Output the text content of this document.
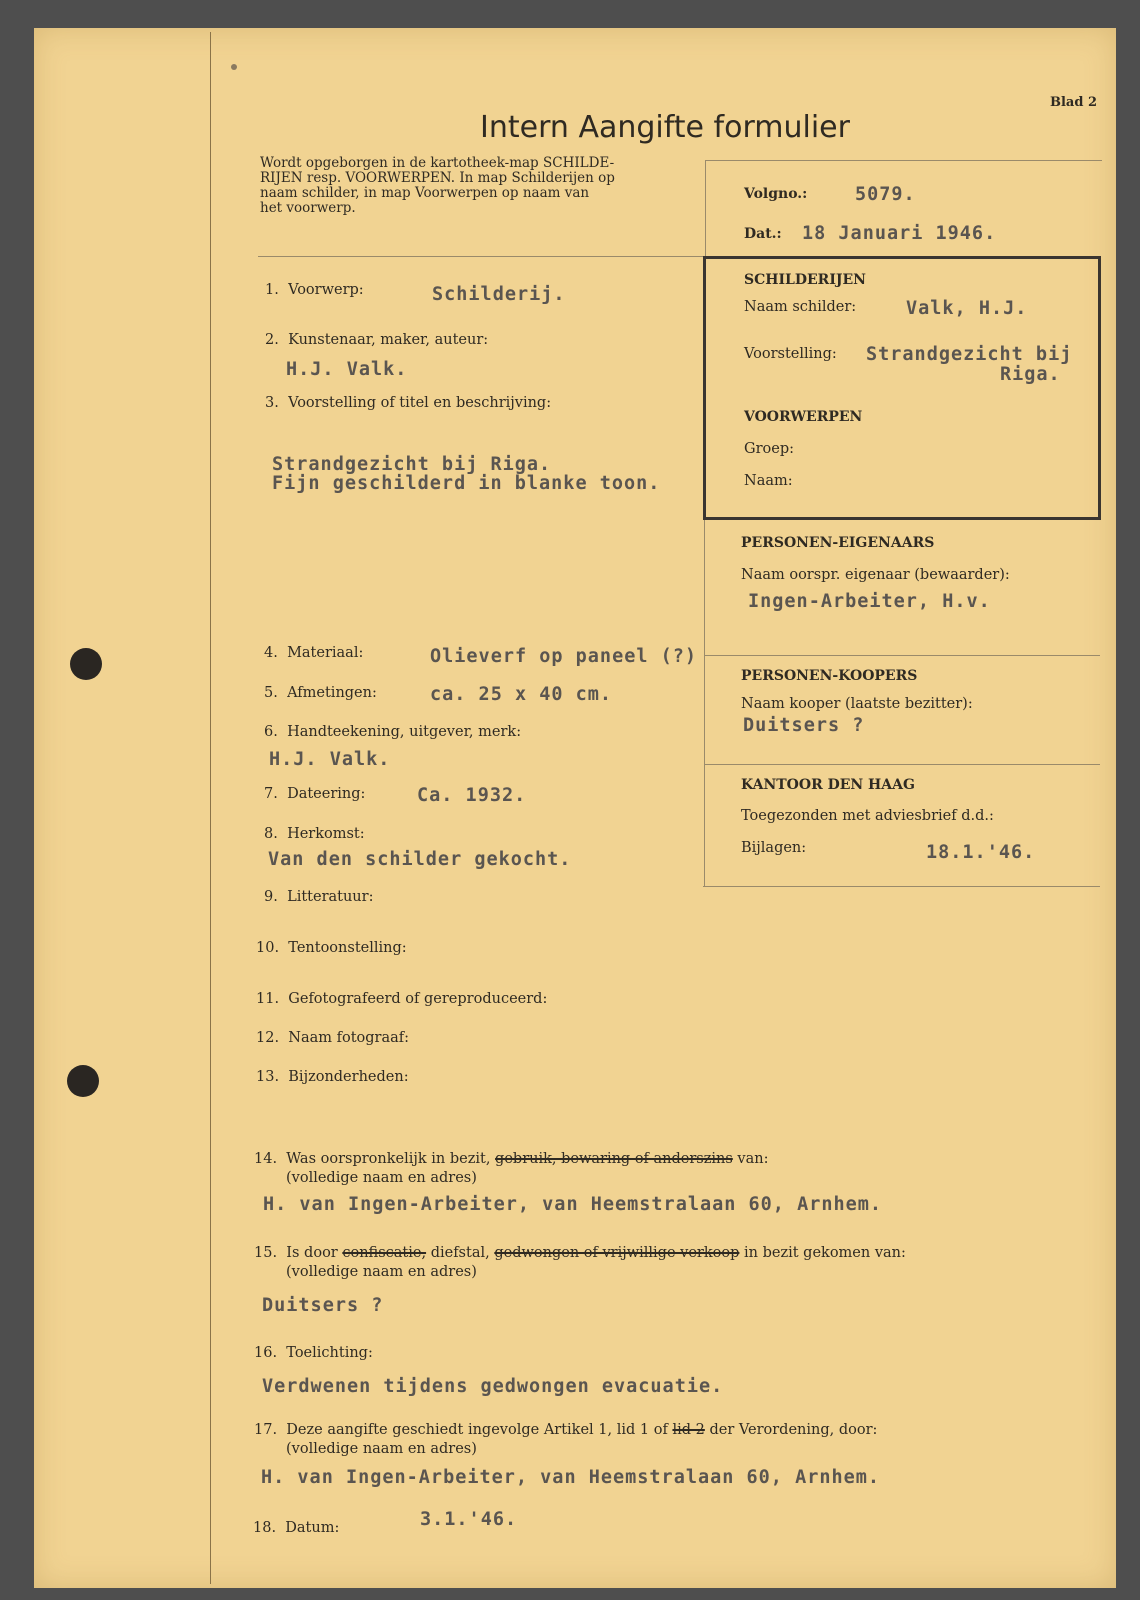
Blad 2
Intern Aangifte formulier
Wordt opgeborgen in de kartotheek-map SCHILDE-
RIJEN resp. VOORWERPEN. In map Schilderijen op
naam schilder, in map Voorwerpen op naam van
het voorwerp.
Volgno.:	5079.
Dat.: 18 Januari 1946.
SCHILDERIJEN
Naam schilder:	Valk, H.J.
Voorstelling: Strandgezicht bij
Riga.
VOORWERPEN
Groep:
Naam:
PERSONEN-EIGENAARS
Naam oorspr. eigenaar (bewaarder):
Ingen-Arbeiter, H.v.
PERSONEN-KOOPERS
Naam kooper (laatste bezitter):
Duitsers ?
KANTOOR DEN HAAG
Toegezonden met adviesbrief d.d.:
Bijlagen:	18.1.'46.
1. Voorwerp:	Schilderij.
2. Kunstenaar, maker, auteur:
H.J. Valk.
3. Voorstelling of titel en beschrijving:
Strandgezicht bij Riga.
Fijn geschilderd in blanke toon.
4. Materiaal:	Olieverf op paneel (?)
5. Afmetingen:	ca. 25 x 40 cm.
6. Handteekening, uitgever, merk:
H.J. Valk.
7. Dateering:	Ca. 1932.
8. Herkomst:
Van den schilder gekocht.
9. Litteratuur:
10. Tentoonstelling:
11. Gefotografeerd of gereproduceerd:
12. Naam fotograaf:
13. Bijzonderheden:
14. Was oorspronkelijk in bezit, gebruik, bewaring of anderszins van:
(volledige naam en adres)
H. van Ingen-Arbeiter, van Heemstralaan 60, Arnhem.
15. Is door confiscatie, diefstal, gedwongen of vrijwillige verkoop in bezit gekomen van:
(volledige naam en adres)
Duitsers ?
16. Toelichting:
Verdwenen tijdens gedwongen evacuatie.
17. Deze aangifte geschiedt ingevolge Artikel 1, lid 1 of lid 2 der Verordening, door:
(volledige naam en adres)
H. van Ingen-Arbeiter, van Heemstralaan 60, Arnhem.
18. Datum:	3.1.'46.
